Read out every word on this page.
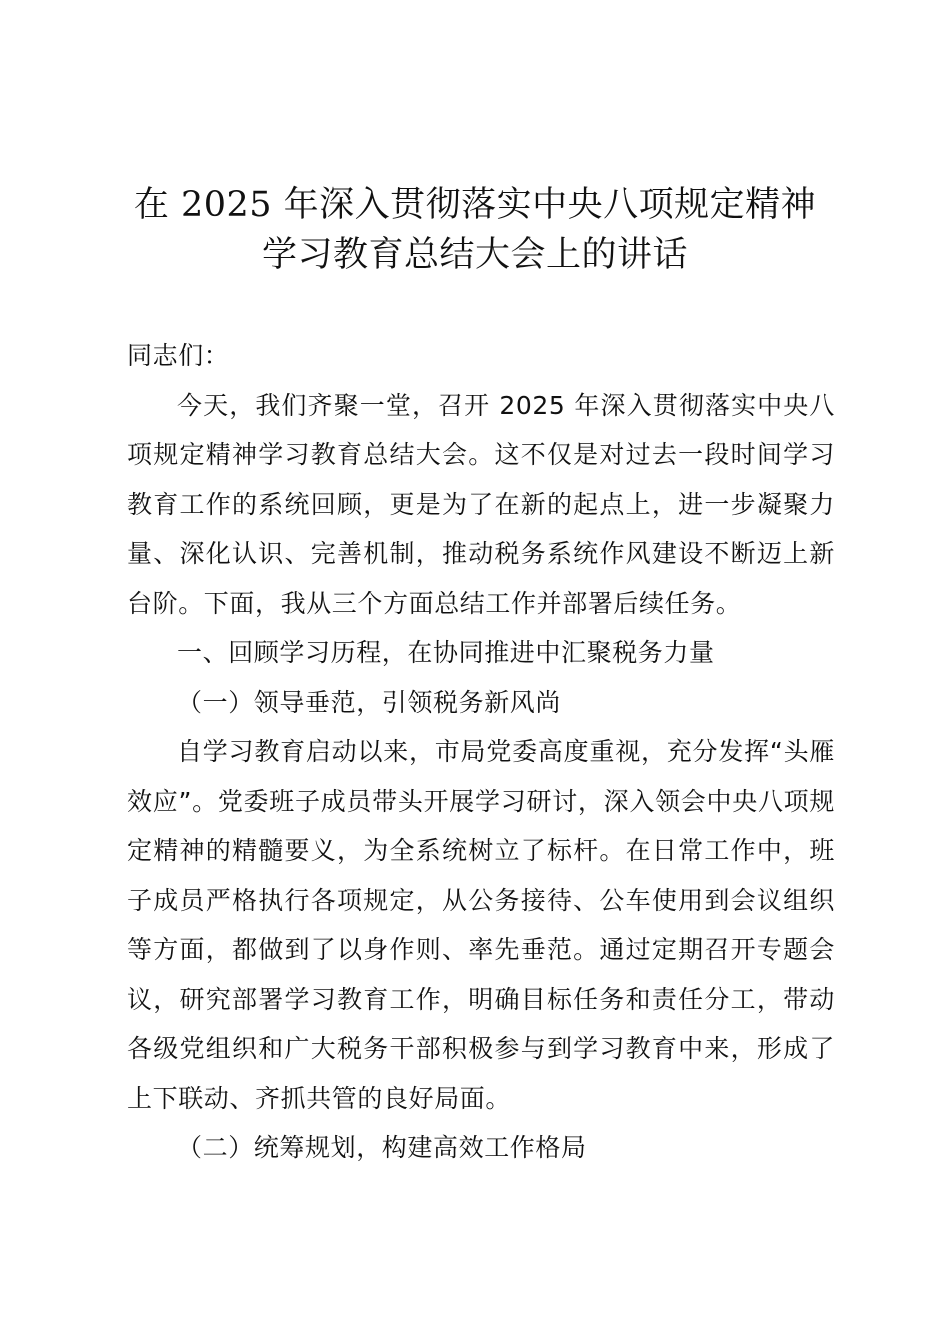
在 2025 年深入贯彻落实中央八项规定精神学习教育总结大会上的讲话

同志们：

今天，我们齐聚一堂，召开 2025 年深入贯彻落实中央八项规定精神学习教育总结大会。这不仅是对过去一段时间学习教育工作的系统回顾，更是为了在新的起点上，进一步凝聚力量、深化认识、完善机制，推动税务系统作风建设不断迈上新台阶。下面，我从三个方面总结工作并部署后续任务。

一、回顾学习历程，在协同推进中汇聚税务力量

（一）领导垂范，引领税务新风尚

自学习教育启动以来，市局党委高度重视，充分发挥“头雁效应”。党委班子成员带头开展学习研讨，深入领会中央八项规定精神的精髓要义，为全系统树立了标杆。在日常工作中，班子成员严格执行各项规定，从公务接待、公车使用到会议组织等方面，都做到了以身作则、率先垂范。通过定期召开专题会议，研究部署学习教育工作，明确目标任务和责任分工，带动各级党组织和广大税务干部积极参与到学习教育中来，形成了上下联动、齐抓共管的良好局面。

（二）统筹规划，构建高效工作格局
